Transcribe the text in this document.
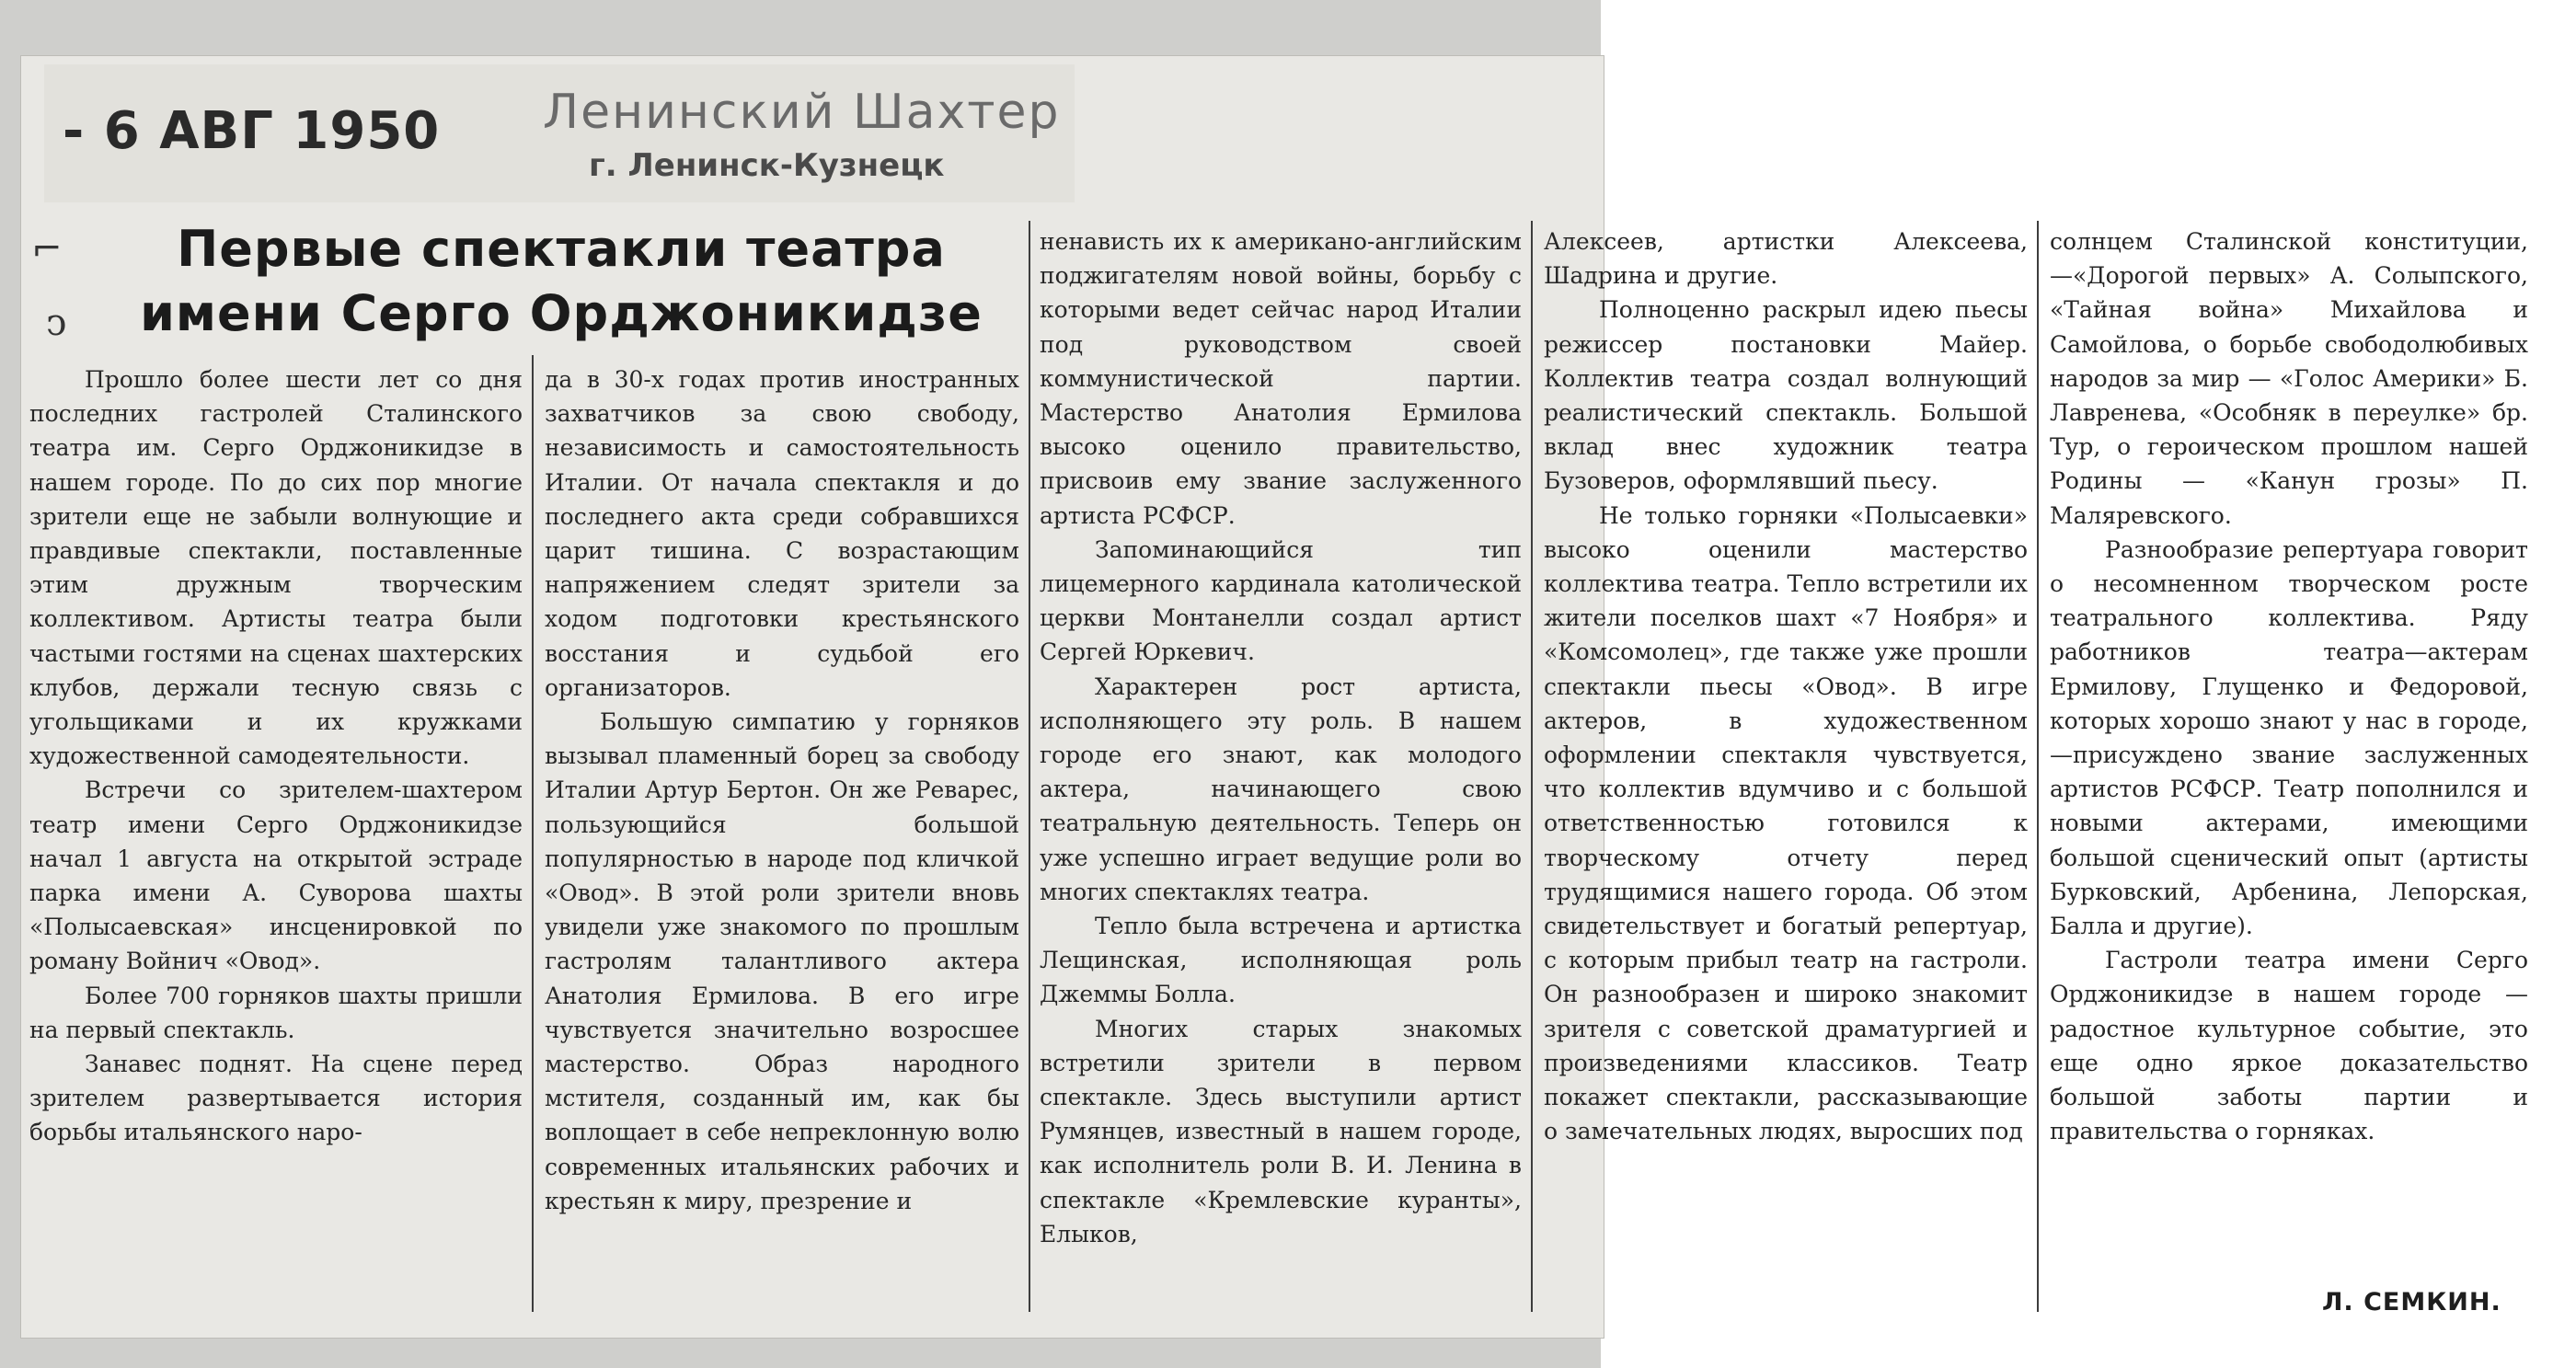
- 6 АВГ 1950 Ленинский Шахтер
г. Ленинск-Кузнецк
⌐
ↄ
Первые спектакли театра
имени Серго Орджоникидзе

Прошло более шести лет со дня последних гастролей Сталинского театра им. Серго Орджоникидзе в нашем городе. По до сих пор многие зрители еще не забыли волнующие и правдивые спектакли, поставленные этим дружным творческим коллективом. Артисты театра были частыми гостями на сценах шахтерских клубов, держали тесную связь с угольщиками и их кружками художественной самодеятельности.

Встречи со зрителем-шахтером театр имени Серго Орджоникидзе начал 1 августа на открытой эстраде парка имени А. Суворова шахты «Полысаевская» инсценировкой по роману Войнич «Овод».

Более 700 горняков шахты пришли на первый спектакль.

Занавес поднят. На сцене перед зрителем развертывается история борьбы итальянского наро-

да в 30-х годах против иностранных захватчиков за свою свободу, независимость и самостоятельность Италии. От начала спектакля и до последнего акта среди собравшихся царит тишина. С возрастающим напряжением следят зрители за ходом подготовки крестьянского восстания и судьбой его организаторов.

Большую симпатию у горняков вызывал пламенный борец за свободу Италии Артур Бертон. Он же Реварес, пользующийся большой популярностью в народе под кличкой «Овод». В этой роли зрители вновь увидели уже знакомого по прошлым гастролям талантливого актера Анатолия Ермилова. В его игре чувствуется значительно возросшее мастерство. Образ народного мстителя, созданный им, как бы воплощает в себе непреклонную волю современных итальянских рабочих и крестьян к миру, презрение и

ненависть их к американо-английским поджигателям новой войны, борьбу с которыми ведет сейчас народ Италии под руководством своей коммунистической партии. Мастерство Анатолия Ермилова высоко оценило правительство, присвоив ему звание заслуженного артиста РСФСР.

Запоминающийся тип лицемерного кардинала католической церкви Монтанелли создал артист Сергей Юркевич.

Характерен рост артиста, исполняющего эту роль. В нашем городе его знают, как молодого актера, начинающего свою театральную деятельность. Теперь он уже успешно играет ведущие роли во многих спектаклях театра.

Тепло была встречена и артистка Лещинская, исполняющая роль Джеммы Болла.

Многих старых знакомых встретили зрители в первом спектакле. Здесь выступили артист Румянцев, известный в нашем городе, как исполнитель роли В. И. Ленина в спектакле «Кремлевские куранты», Елыков,

Алексеев, артистки Алексеева, Шадрина и другие.

Полноценно раскрыл идею пьесы режиссер постановки Майер. Коллектив театра создал волнующий реалистический спектакль. Большой вклад внес художник театра Бузоверов, оформлявший пьесу.

Не только горняки «Полысаевки» высоко оценили мастерство коллектива театра. Тепло встретили их жители поселков шахт «7 Ноября» и «Комсомолец», где также уже прошли спектакли пьесы «Овод». В игре актеров, в художественном оформлении спектакля чувствуется, что коллектив вдумчиво и с большой ответственностью готовился к творческому отчету перед трудящимися нашего города. Об этом свидетельствует и богатый репертуар, с которым прибыл театр на гастроли. Он разнообразен и широко знакомит зрителя с советской драматургией и произведениями классиков. Театр покажет спектакли, рассказывающие о замечательных людях, выросших под

солнцем Сталинской конституции,—«Дорогой первых» А. Солыпского, «Тайная война» Михайлова и Самойлова, о борьбе свободолюбивых народов за мир — «Голос Америки» Б. Лавренева, «Особняк в переулке» бр. Тур, о героическом прошлом нашей Родины — «Канун грозы» П. Маляревского.

Разнообразие репертуара говорит о несомненном творческом росте театрального коллектива. Ряду работников театра—актерам Ермилову, Глущенко и Федоровой, которых хорошо знают у нас в городе,—присуждено звание заслуженных артистов РСФСР. Театр пополнился и новыми актерами, имеющими большой сценический опыт (артисты Бурковский, Арбенина, Лепорская, Балла и другие).

Гастроли театра имени Серго Орджоникидзе в нашем городе — радостное культурное событие, это еще одно яркое доказательство большой заботы партии и правительства о горняках.

Л. СЕМКИН.
